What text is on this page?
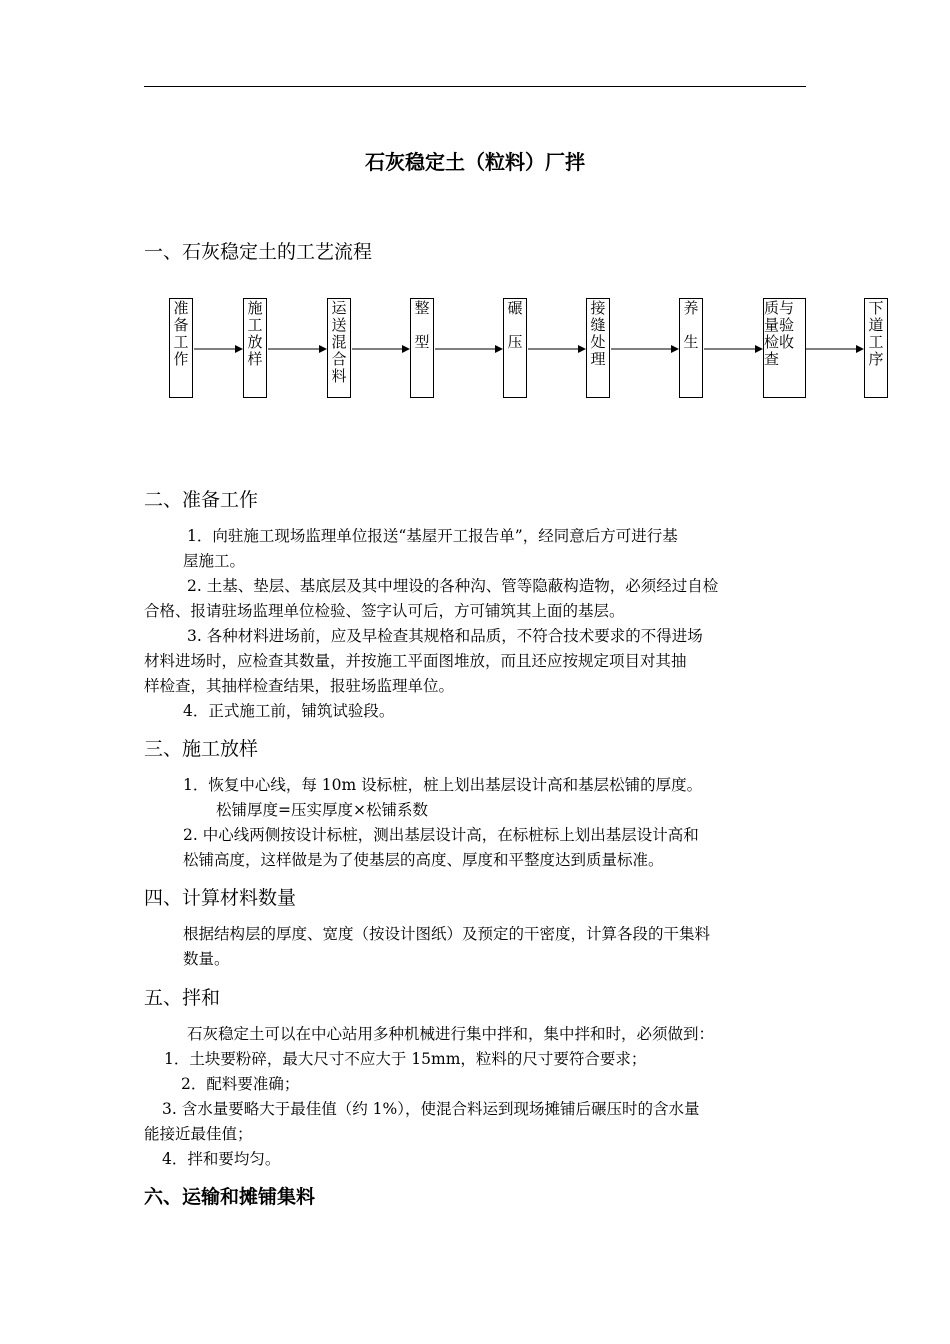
石灰稳定土（粒料）厂拌
一、石灰稳定土的工艺流程
准
备
工
作
施
工
放
样
运
送
混
合
料
整

型
碾

压
接
缝
处
理
养

生
质与量验检收查
下
道
工
序
二、准备工作
1．向驻施工现场监理单位报送“基屋开工报告单”，经同意后方可进行基
屋施工。
2. 土基、垫层、基底层及其中埋设的各种沟、管等隐蔽构造物，必须经过自检
合格、报请驻场监理单位检验、签字认可后，方可铺筑其上面的基层。
3. 各种材料进场前，应及早检查其规格和品质，不符合技术要求的不得进场
材料进场时，应检查其数量，并按施工平面图堆放，而且还应按规定项目对其抽
样检查，其抽样检查结果，报驻场监理单位。
4．正式施工前，铺筑试验段。
三、施工放样
1．恢复中心线，每 10m 设标桩，桩上划出基层设计高和基层松铺的厚度。
松铺厚度=压实厚度×松铺系数
2. 中心线两侧按设计标桩，测出基层设计高，在标桩标上划出基层设计高和
松铺高度，这样做是为了使基层的高度、厚度和平整度达到质量标准。
四、计算材料数量
根据结构层的厚度、宽度（按设计图纸）及预定的干密度，计算各段的干集料
数量。
五、拌和
石灰稳定土可以在中心站用多种机械进行集中拌和，集中拌和时，必须做到：
1．土块要粉碎，最大尺寸不应大于 15mm，粒料的尺寸要符合要求；
2．配料要准确；
3. 含水量要略大于最佳值（约 1%），使混合料运到现场摊铺后碾压时的含水量
能接近最佳值；
4．拌和要均匀。
六、运输和摊铺集料
